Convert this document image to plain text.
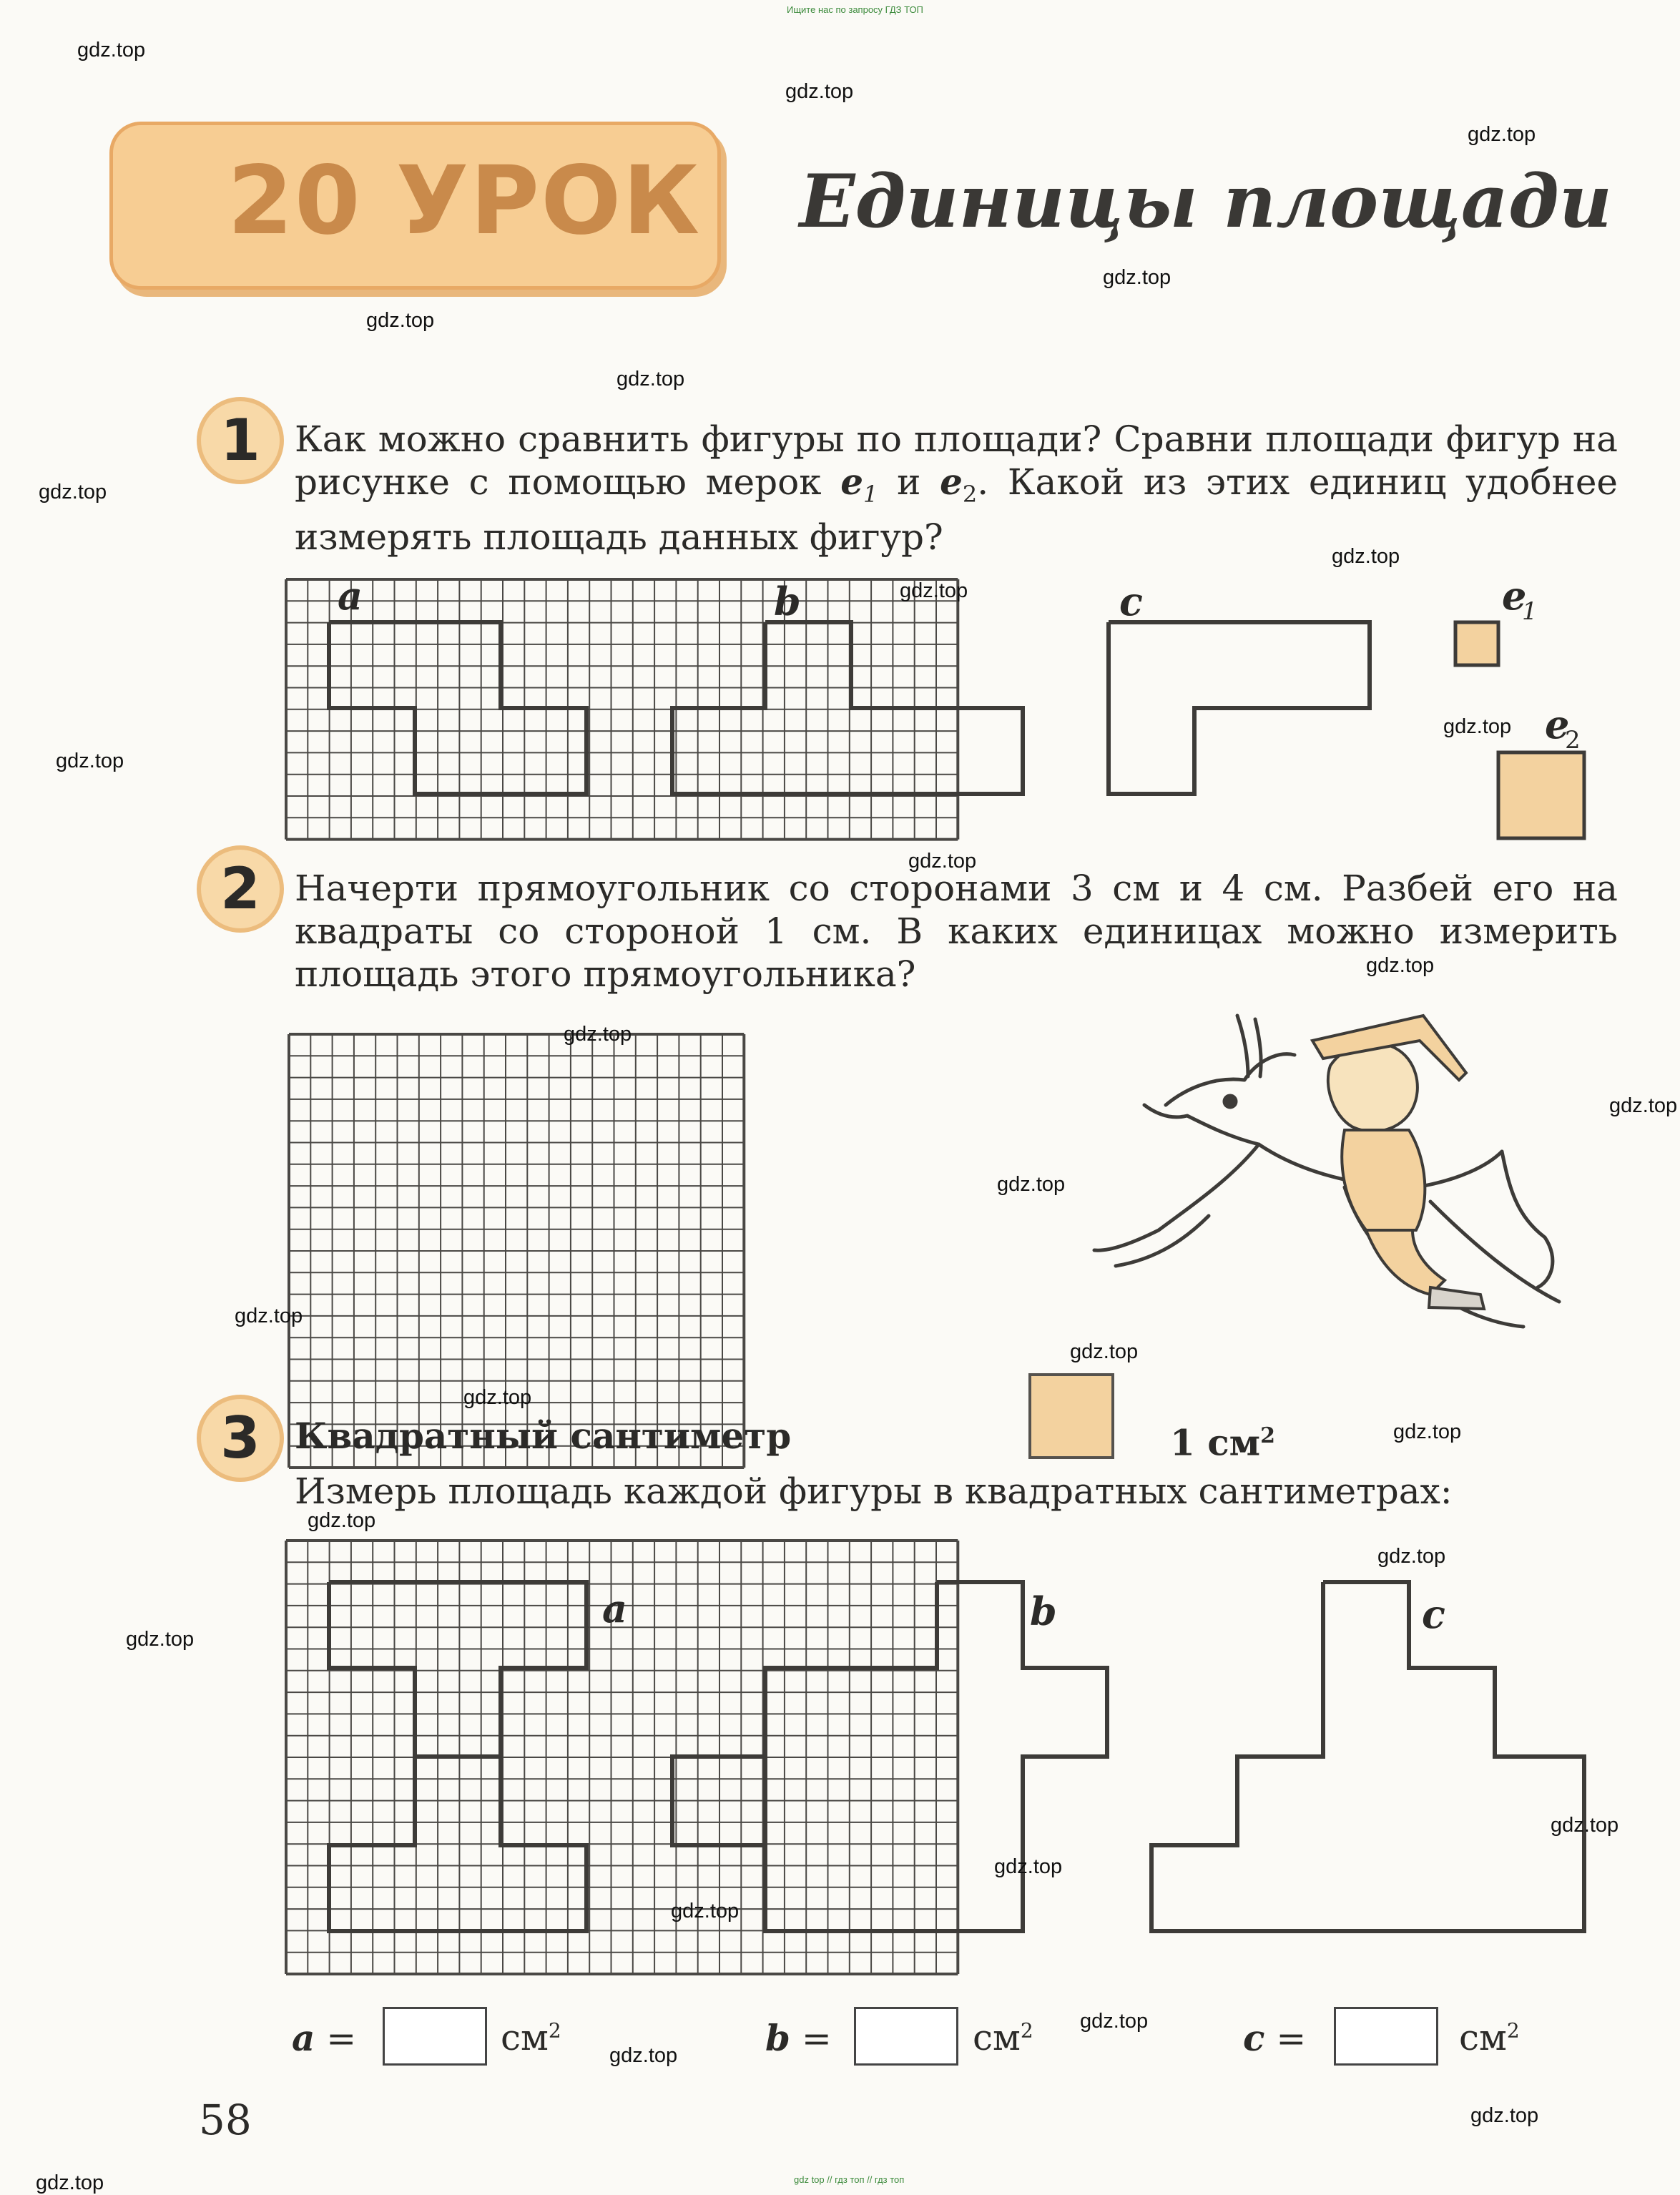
Ищите нас по запросу ГДЗ ТОП
gdz top // гдз топ // гдз топ
20 УРОК Единицы площади
1 Как можно сравнить фигуры по площади? Сравни площади фигур на рисунке с помощью мерок $e_1$ и $e_2$. Какой из этих единиц удобнее измерять площадь данных фигур?
a	b	c	e
1
e
2
a	b	c
2 Начерти прямоугольник со сторонами 3 см и 4 см. Разбей его на квадраты со стороной 1 см. В каких единицах можно измерить площадь этого прямоугольника?
3 Квадратный сантиметр	1 $см^2$
Измерь площадь каждой фигуры в квадратных сантиметрах:
a =	$см^2$	b =	$см^2$	c =	$см^2$
58
gdz.top
gdz.top
gdz.top
gdz.top
gdz.top
gdz.top
gdz.top
gdz.top
gdz.top
gdz.top
gdz.top
gdz.top
gdz.top
gdz.top
gdz.top
gdz.top
gdz.top
gdz.top
gdz.top
gdz.top
gdz.top
gdz.top
gdz.top
gdz.top
gdz.top
gdz.top
gdz.top
gdz.top
gdz.top
gdz.top
